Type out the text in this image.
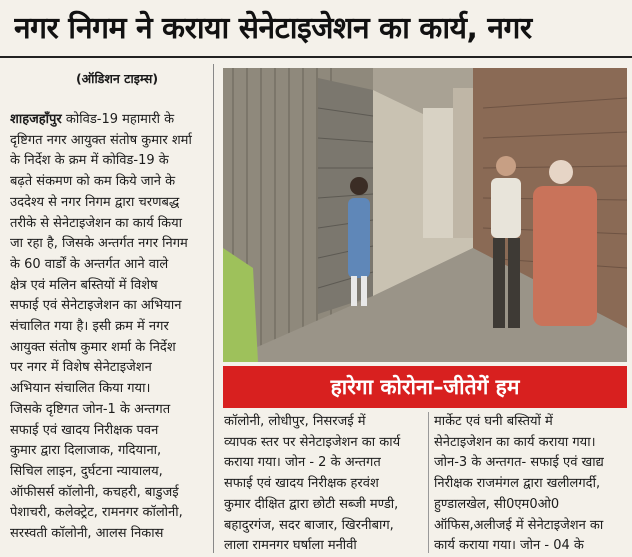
नगर निगम ने कराया सेनेटाइजेशन का कार्य, नगर
(ऑडिशन टाइम्स)

शाहजहाँपुर कोविड-19 महामारी के

दृष्टिगत नगर आयुक्त संतोष कुमार शर्मा

के निर्देश के क्रम में कोविड-19 के

बढ़ते संकमण को कम किये जाने के

उददेश्य से नगर निगम द्वारा चरणबद्ध

तरीके से सेनेटाइजेशन का कार्य किया

जा रहा है, जिसके अन्तर्गत नगर निगम

के 60 वार्डों के अन्तर्गत आने वाले

क्षेत्र एवं मलिन बस्तियों में विशेष

सफाई एवं सेनेटाइजेशन का अभियान

संचालित गया है। इसी क्रम में नगर

आयुक्त संतोष कुमार शर्मा के निर्देश

पर नगर में विशेष सेनेटाइजेशन

अभियान संचालित किया गया।

जिसके दृष्टिगत जोन-1 के अन्तगत

सफाई एवं खादय निरीक्षक पवन

कुमार द्वारा दिलाजाक, गदियाना,

सिचिल लाइन, दुर्घटना न्यायालय,

ऑफीसर्स कॉलोनी, कचहरी, बाडुजई

पेशाचरी, कलेक्ट्रेट, रामनगर कॉलोनी,

सरस्वती कॉलोनी, आलस निकास

हारेगा कोरोना–जीतेगें हम

कॉलोनी, लोधीपुर, निसरजई में

व्यापक स्तर पर सेनेटाइजेशन का कार्य

कराया गया। जोन - 2 के अन्तगत

सफाई एवं खादय निरीक्षक हरवंश

कुमार दीक्षित द्वारा छोटी सब्जी मण्डी,

बहादुरगंज, सदर बाजार, खिरनीबाग,

लाला रामनगर घर्षाला मनीवी

मार्केट एवं घनी बस्तियों में

सेनेटाइजेशन का कार्य कराया गया।

जोन-3 के अन्तगत- सफाई एवं खाद्य

निरीक्षक राजमंगल द्वारा खलीलगर्दी,

हुण्डालखेल, सी0एम0ओ0

ऑफिस,अलीजई में सेनेटाइजेशन का

कार्य कराया गया। जोन - 04 के
